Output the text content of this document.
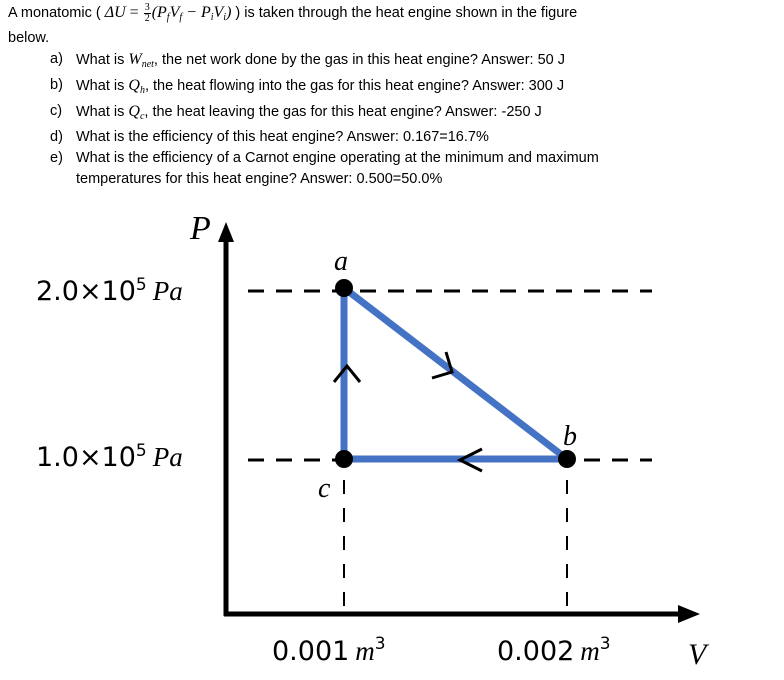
A monatomic ( $\Delta U = \frac{3}{2} (P_fV_f - P_iV_i)$ ) is taken through the heat engine shown in the figure
below.
a) What is $W_{net}$, the net work done by the gas in this heat engine? Answer: 50 J
b) What is $Q_h$, the heat flowing into the gas for this heat engine? Answer: 300 J
c) What is $Q_c$, the heat leaving the gas for this heat engine? Answer: -250 J
d) What is the efficiency of this heat engine? Answer: 0.167=16.7%
e) What is the efficiency of a Carnot engine operating at the minimum and maximum
temperatures for this heat engine? Answer: 0.500=50.0%
a
b
c
P
V
$2.0\times 10^5$ Pa
$1.0\times 10^5$ Pa
0.001 $m^3$	0.002 $m^3$
